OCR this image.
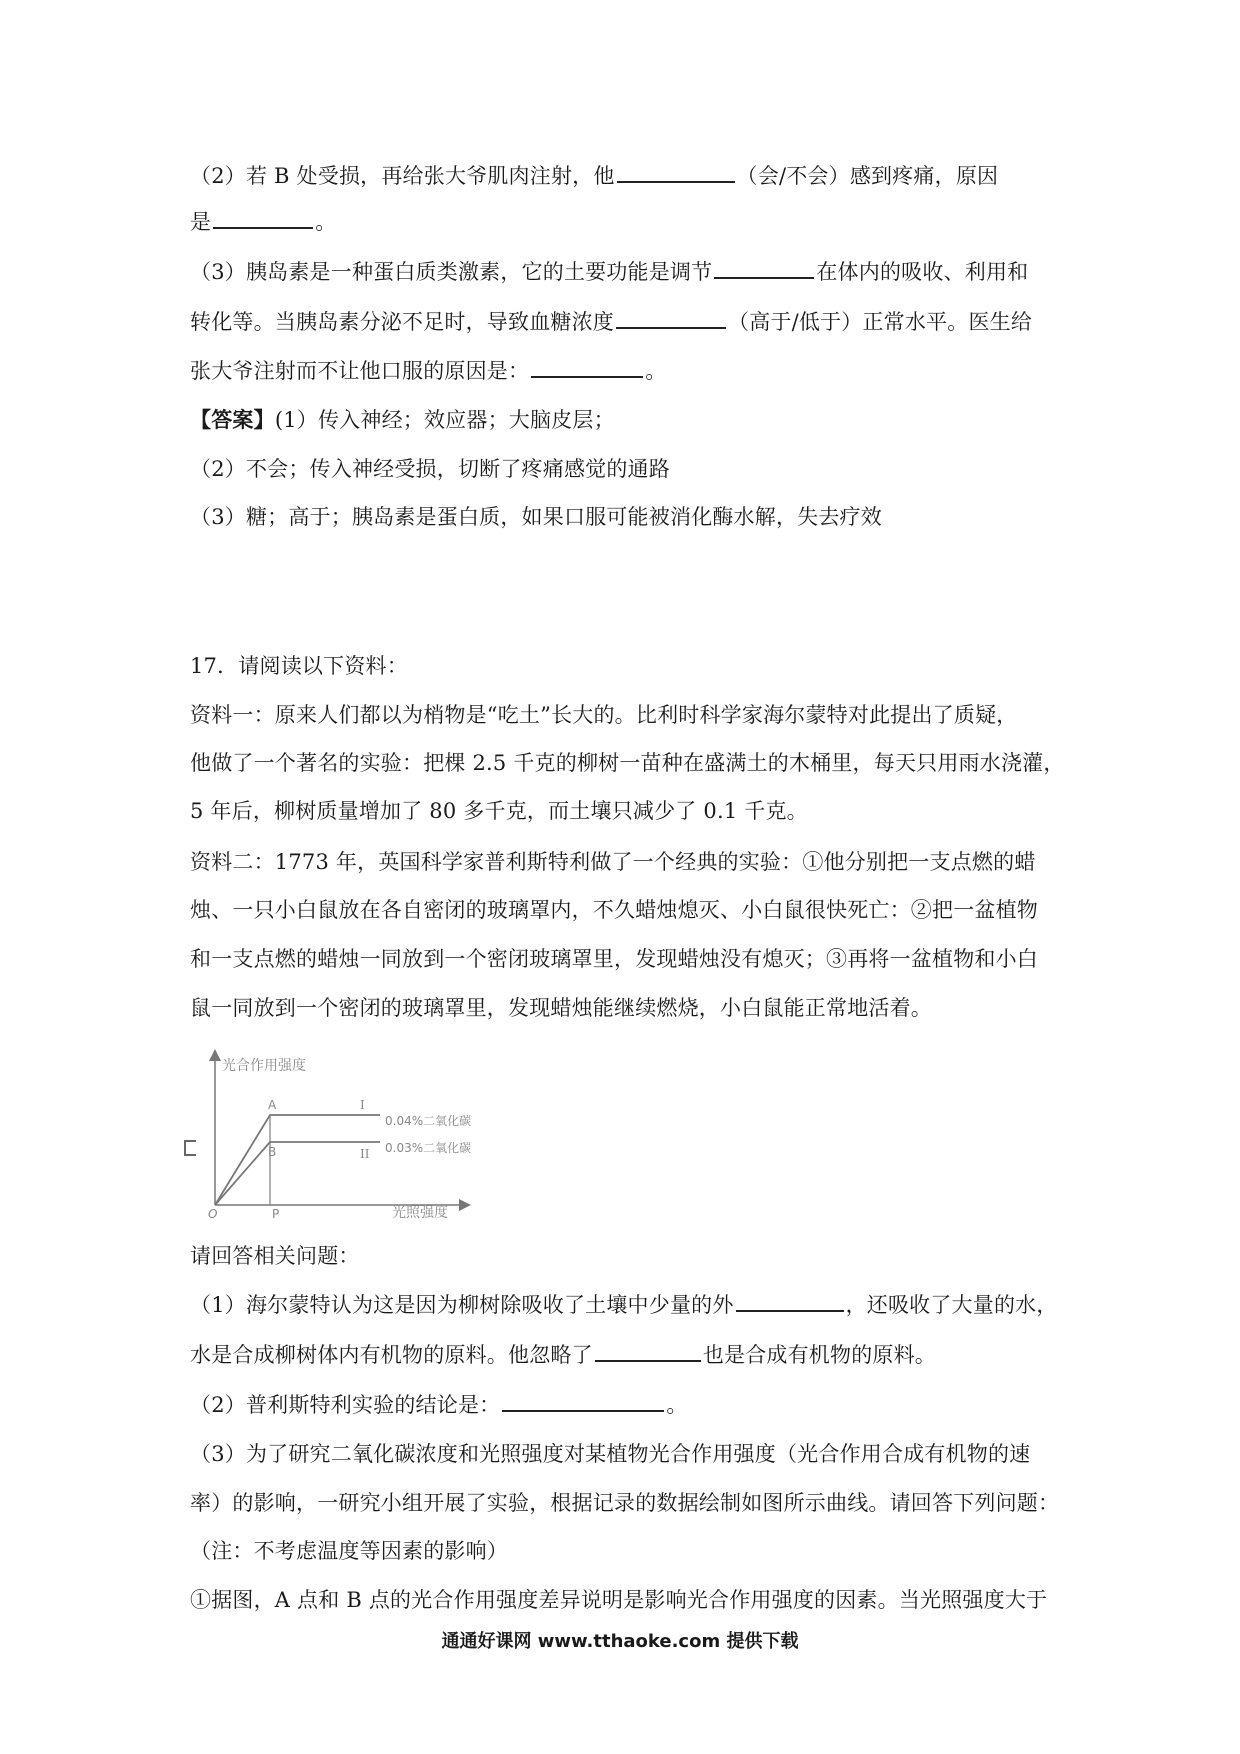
（2）若 B 处受损，再给张大爷肌肉注射，他	（会/不会）感到疼痛，原因
是	。
（3）胰岛素是一种蛋白质类激素，它的土要功能是调节	在体内的吸收、利用和
转化等。当胰岛素分泌不足时，导致血糖浓度	（高于/低于）正常水平。医生给
张大爷注射而不让他口服的原因是：	。
【答案】(1）传入神经；效应器；大脑皮层；
（2）不会；传入神经受损，切断了疼痛感觉的通路
（3）糖；高于；胰岛素是蛋白质，如果口服可能被消化酶水解，失去疗效
17．请阅读以下资料：
资料一：原来人们都以为梢物是“吃土”长大的。比利时科学家海尔蒙特对此提出了质疑，
他做了一个著名的实验：把棵 2.5 千克的柳树一苗种在盛满土的木桶里，每天只用雨水浇灌，
5 年后，柳树质量增加了 80 多千克，而土壤只减少了 0.1 千克。
资料二：1773 年，英国科学家普利斯特利做了一个经典的实验：①他分别把一支点燃的蜡
烛、一只小白鼠放在各自密闭的玻璃罩内，不久蜡烛熄灭、小白鼠很快死亡：②把一盆植物
和一支点燃的蜡烛一同放到一个密闭玻璃罩里，发现蜡烛没有熄灭；③再将一盆植物和小白
鼠一同放到一个密闭的玻璃罩里，发现蜡烛能继续燃烧，小白鼠能正常地活着。
光合作用强度
光照强度
O	P
A	I
0.04%二氧化碳
B	II 0.03%二氧化碳
请回答相关问题：
（1）海尔蒙特认为这是因为柳树除吸收了土壤中少量的外	，还吸收了大量的水，
水是合成柳树体内有机物的原料。他忽略了	也是合成有机物的原料。
（2）普利斯特利实验的结论是：	。
（3）为了研究二氧化碳浓度和光照强度对某植物光合作用强度（光合作用合成有机物的速
率）的影响，一研究小组开展了实验，根据记录的数据绘制如图所示曲线。请回答下列问题：
（注：不考虑温度等因素的影响）
①据图，A 点和 B 点的光合作用强度差异说明是影响光合作用强度的因素。当光照强度大于
通通好课网 www.tthaoke.com 提供下载
